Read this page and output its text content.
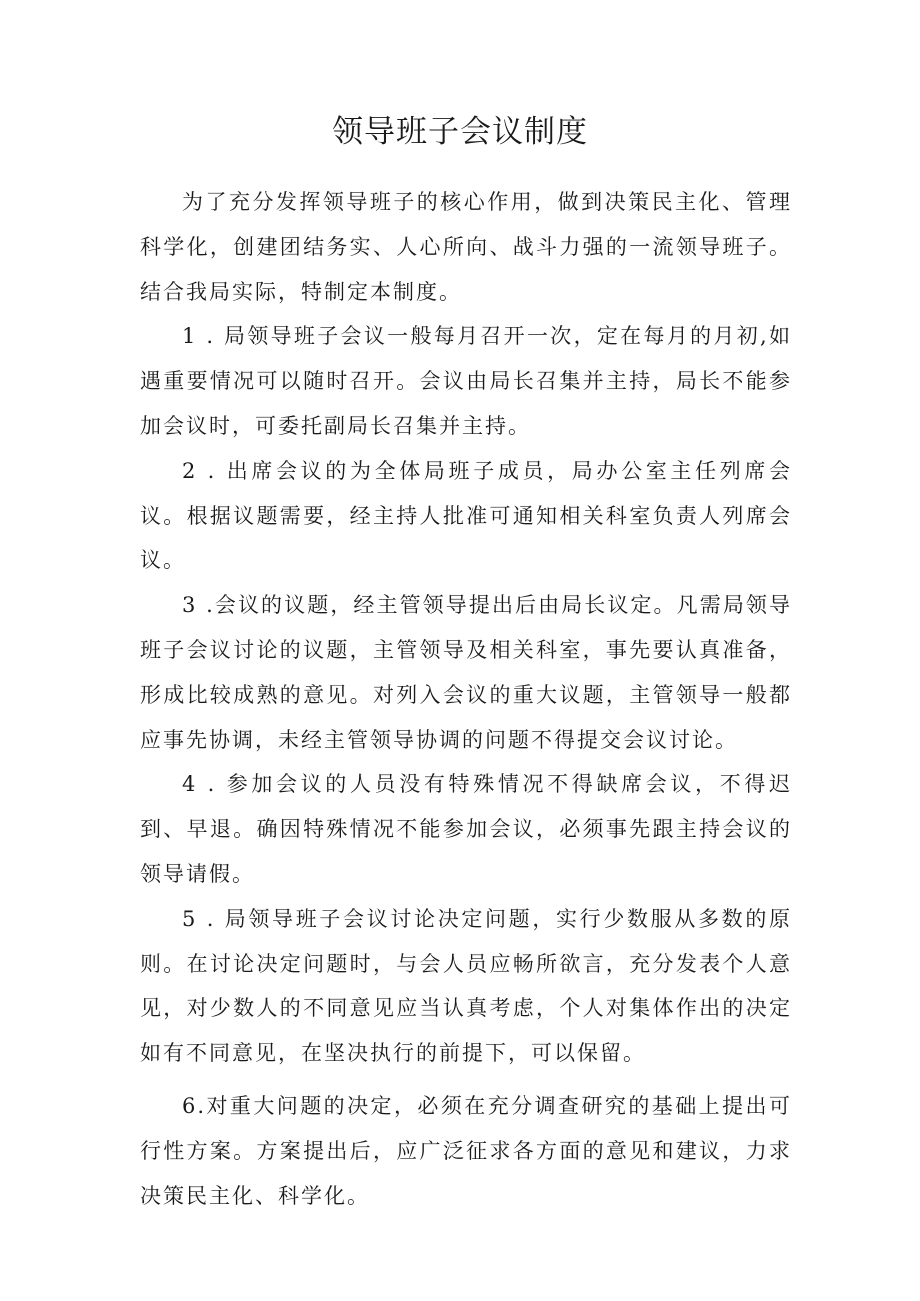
领导班子会议制度

为了充分发挥领导班子的核心作用，做到决策民主化、管理科学化，创建团结务实、人心所向、战斗力强的一流领导班子。结合我局实际，特制定本制度。

1 . 局领导班子会议一般每月召开一次，定在每月的月初,如遇重要情况可以随时召开。会议由局长召集并主持，局长不能参加会议时，可委托副局长召集并主持。

2 . 出席会议的为全体局班子成员，局办公室主任列席会议。根据议题需要，经主持人批准可通知相关科室负责人列席会议。

3 .会议的议题，经主管领导提出后由局长议定。凡需局领导班子会议讨论的议题，主管领导及相关科室，事先要认真准备，形成比较成熟的意见。对列入会议的重大议题，主管领导一般都应事先协调，未经主管领导协调的问题不得提交会议讨论。

4 . 参加会议的人员没有特殊情况不得缺席会议，不得迟到、早退。确因特殊情况不能参加会议，必须事先跟主持会议的领导请假。

5 . 局领导班子会议讨论决定问题，实行少数服从多数的原则。在讨论决定问题时，与会人员应畅所欲言，充分发表个人意见，对少数人的不同意见应当认真考虑，个人对集体作出的决定如有不同意见，在坚决执行的前提下，可以保留。

6.对重大问题的决定，必须在充分调查研究的基础上提出可行性方案。方案提出后，应广泛征求各方面的意见和建议，力求决策民主化、科学化。
